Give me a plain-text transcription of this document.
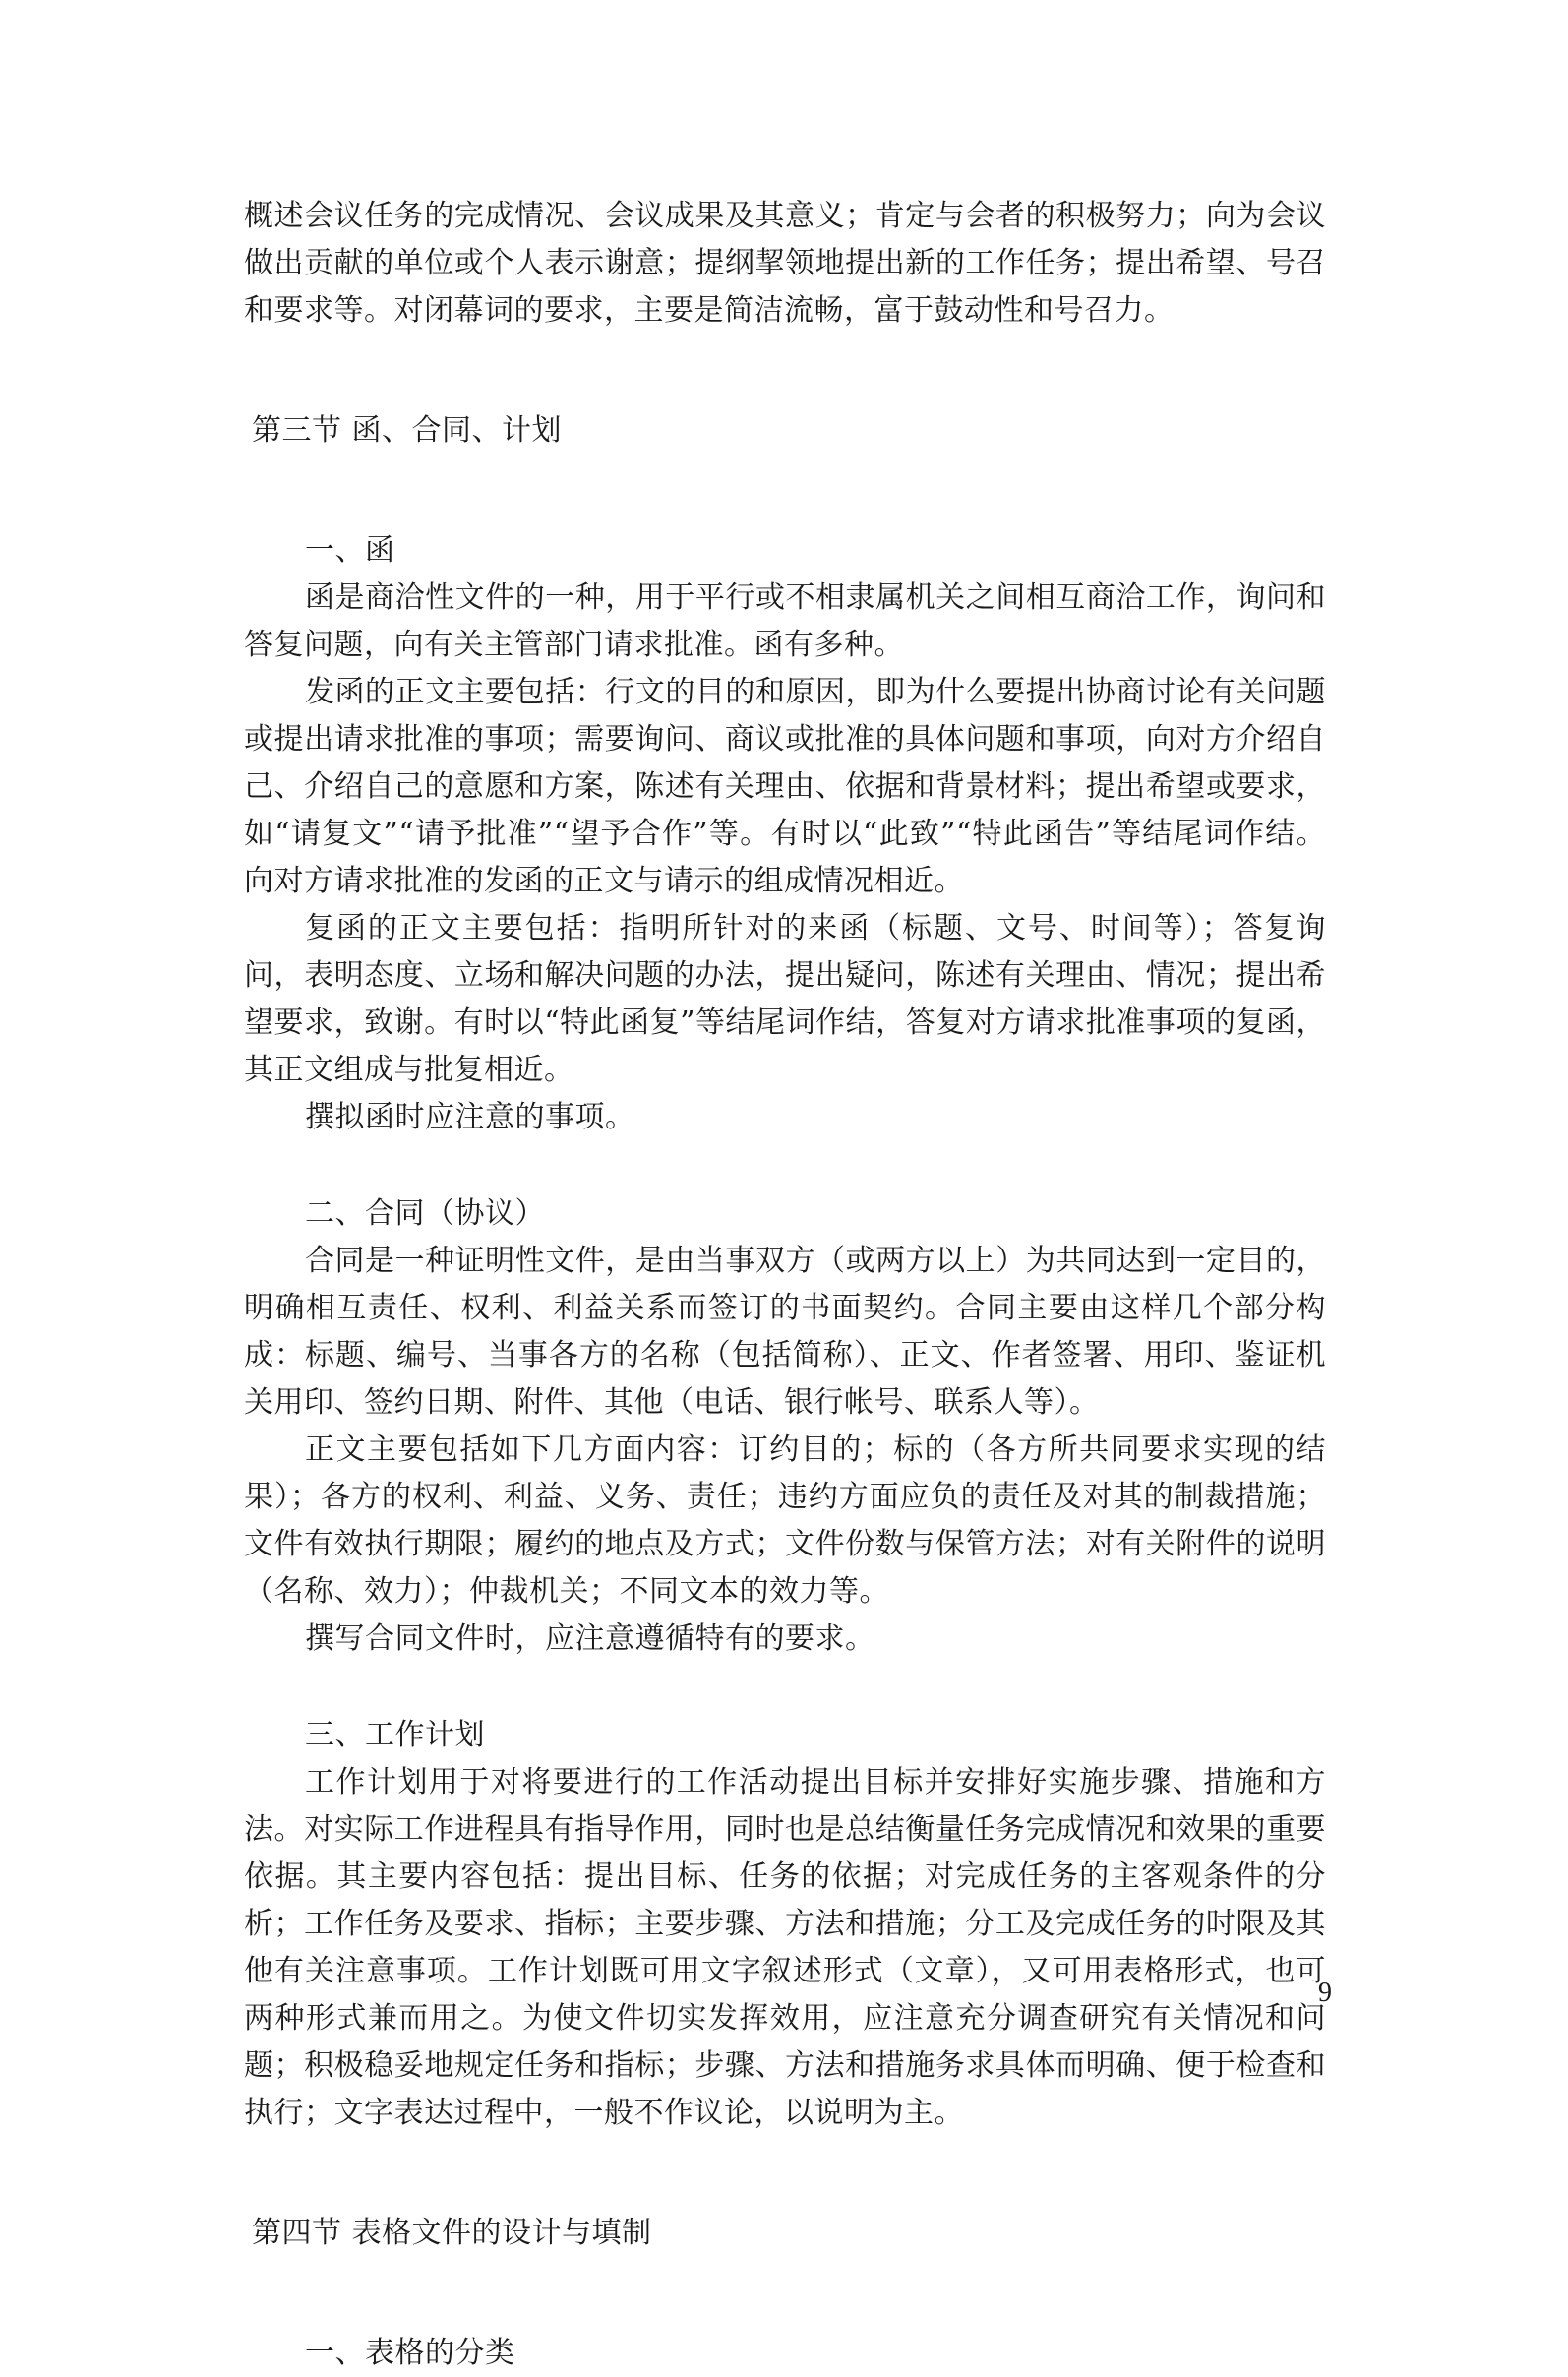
概述会议任务的完成情况、会议成果及其意义；肯定与会者的积极努力；向为会议做出贡献的单位或个人表示谢意；提纲挈领地提出新的工作任务；提出希望、号召和要求等。对闭幕词的要求，主要是简洁流畅，富于鼓动性和号召力。

第三节 函、合同、计划

一、函

函是商洽性文件的一种，用于平行或不相隶属机关之间相互商洽工作，询问和答复问题，向有关主管部门请求批准。函有多种。

发函的正文主要包括：行文的目的和原因，即为什么要提出协商讨论有关问题或提出请求批准的事项；需要询问、商议或批准的具体问题和事项，向对方介绍自己、介绍自己的意愿和方案，陈述有关理由、依据和背景材料；提出希望或要求，如“请复文”“请予批准”“望予合作”等。有时以“此致”“特此函告”等结尾词作结。向对方请求批准的发函的正文与请示的组成情况相近。

复函的正文主要包括：指明所针对的来函（标题、文号、时间等）；答复询问，表明态度、立场和解决问题的办法，提出疑问，陈述有关理由、情况；提出希望要求，致谢。有时以“特此函复”等结尾词作结，答复对方请求批准事项的复函，其正文组成与批复相近。

撰拟函时应注意的事项。

二、合同（协议）

合同是一种证明性文件，是由当事双方（或两方以上）为共同达到一定目的，明确相互责任、权利、利益关系而签订的书面契约。合同主要由这样几个部分构成：标题、编号、当事各方的名称（包括简称）、正文、作者签署、用印、鉴证机关用印、签约日期、附件、其他（电话、银行帐号、联系人等）。

正文主要包括如下几方面内容：订约目的；标的（各方所共同要求实现的结果）；各方的权利、利益、义务、责任；违约方面应负的责任及对其的制裁措施；文件有效执行期限；履约的地点及方式；文件份数与保管方法；对有关附件的说明（名称、效力）；仲裁机关；不同文本的效力等。

撰写合同文件时，应注意遵循特有的要求。

三、工作计划

工作计划用于对将要进行的工作活动提出目标并安排好实施步骤、措施和方法。对实际工作进程具有指导作用，同时也是总结衡量任务完成情况和效果的重要依据。其主要内容包括：提出目标、任务的依据；对完成任务的主客观条件的分析；工作任务及要求、指标；主要步骤、方法和措施；分工及完成任务的时限及其他有关注意事项。工作计划既可用文字叙述形式（文章），又可用表格形式，也可两种形式兼而用之。为使文件切实发挥效用，应注意充分调查研究有关情况和问题；积极稳妥地规定任务和指标；步骤、方法和措施务求具体而明确、便于检查和执行；文字表达过程中，一般不作议论，以说明为主。

第四节 表格文件的设计与填制

一、表格的分类

9
